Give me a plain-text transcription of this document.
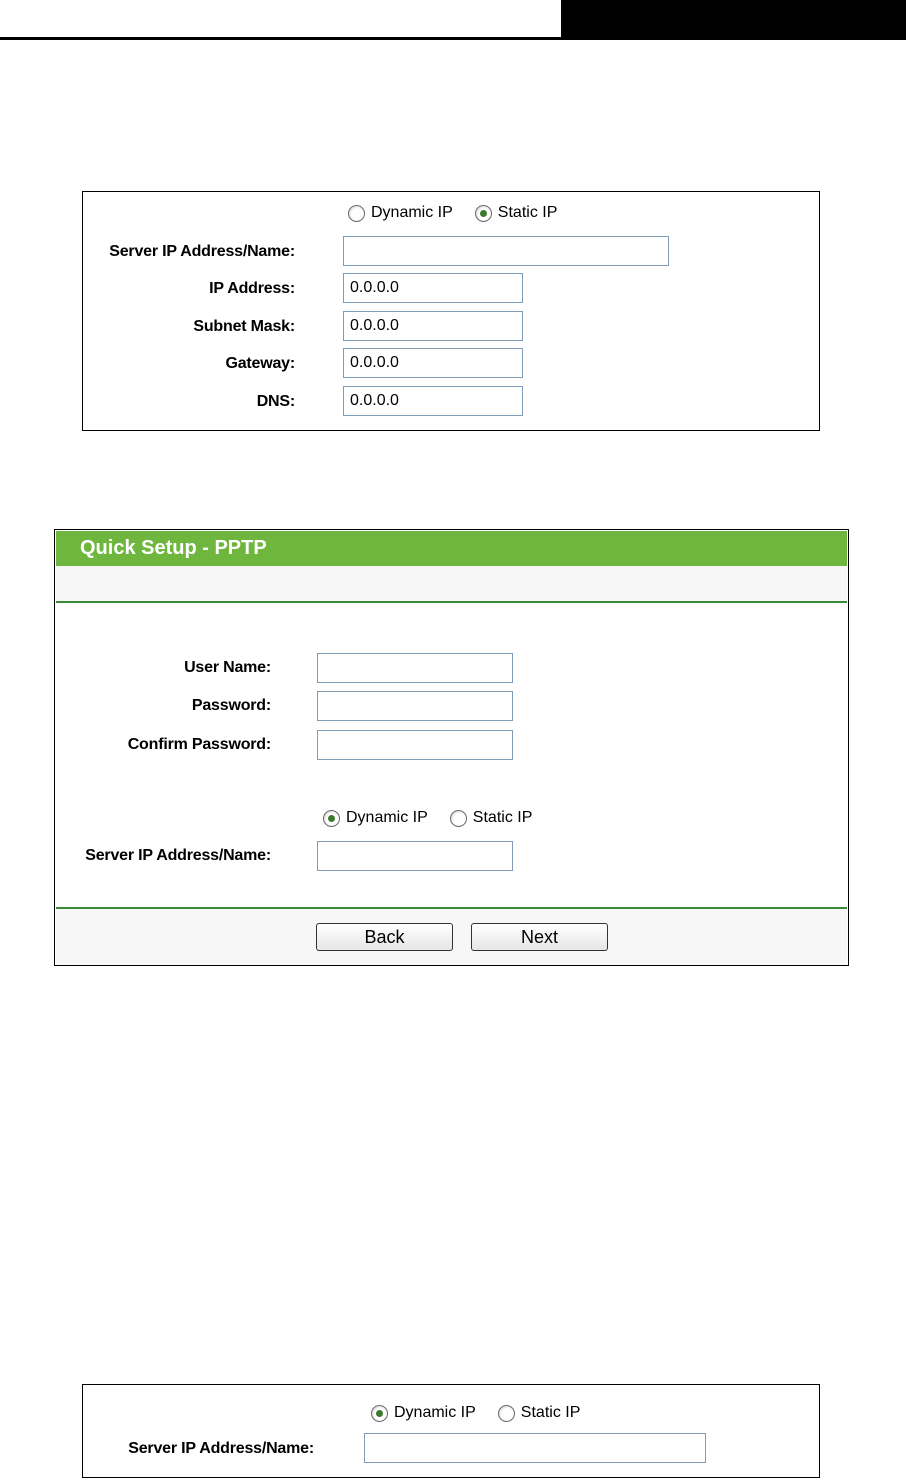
Dynamic IP	Static IP
Server IP Address/Name:
IP Address:	0.0.0.0
Subnet Mask:	0.0.0.0
Gateway:	0.0.0.0
DNS:	0.0.0.0
Quick Setup - PPTP
User Name:
Password:
Confirm Password:
Dynamic IP	Static IP
Server IP Address/Name:
Back	Next
Dynamic IP	Static IP
Server IP Address/Name:
